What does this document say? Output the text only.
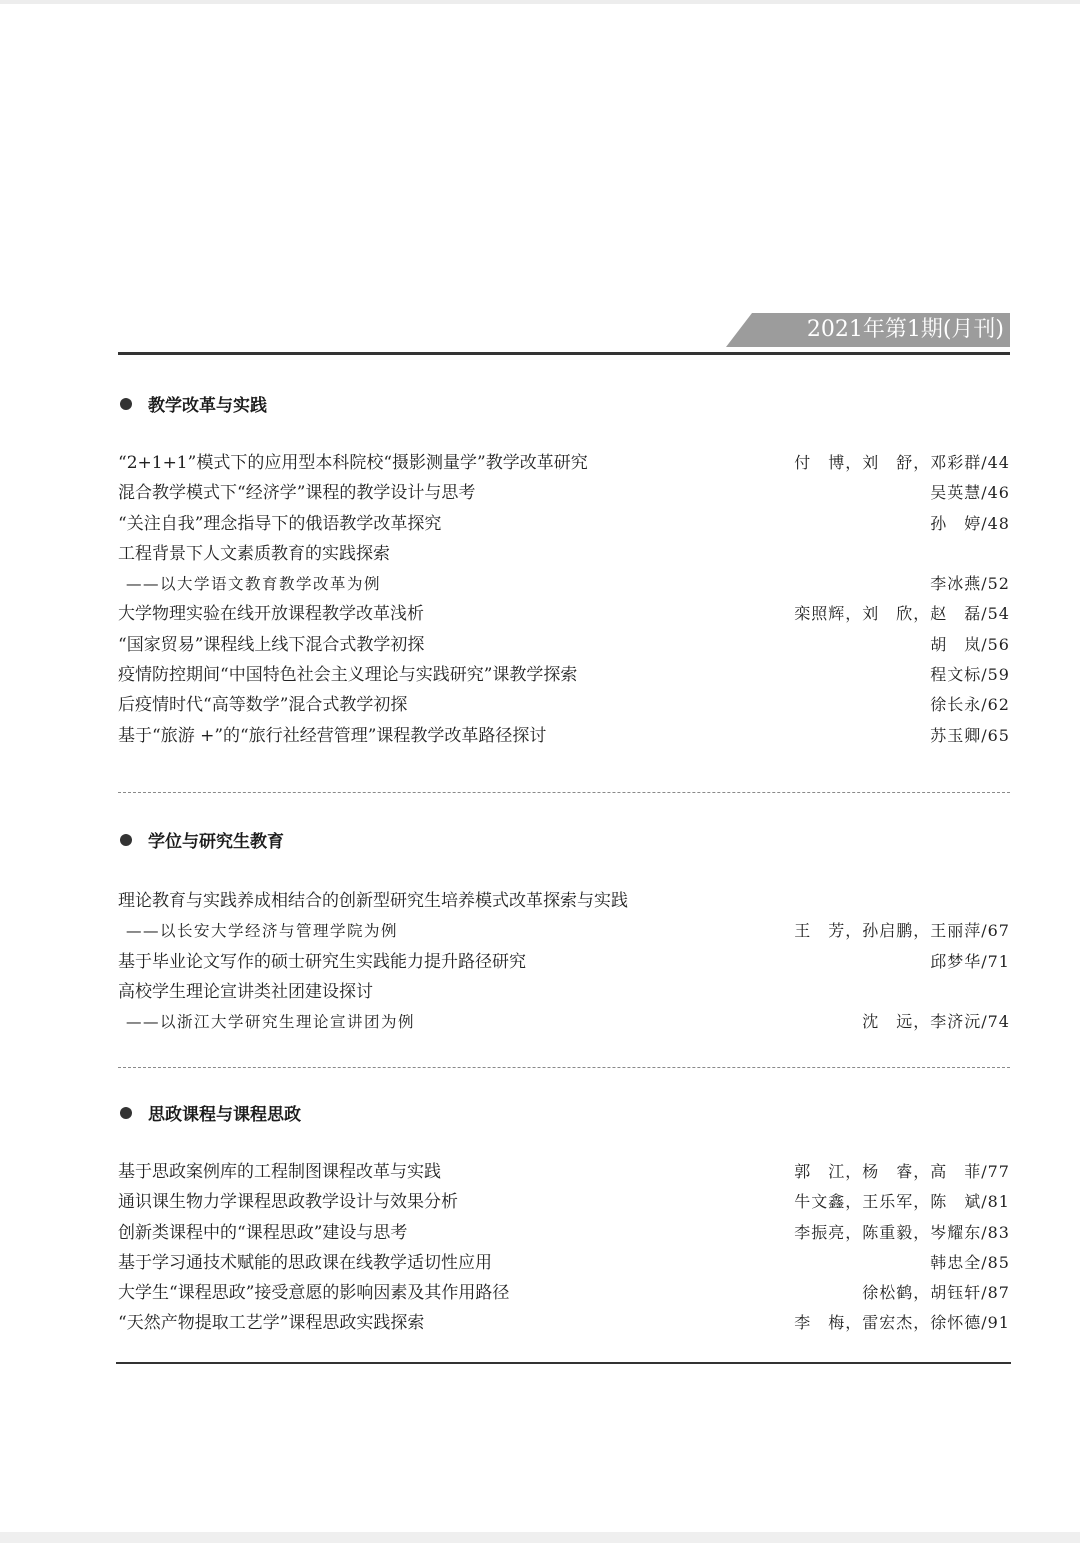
2021年第1期(月刊)
教学改革与实践
“2+1+1”模式下的应用型本科院校“摄影测量学”教学改革研究	付　博，刘　舒，邓彩群/44
混合教学模式下“经济学”课程的教学设计与思考	吴英慧/46
“关注自我”理念指导下的俄语教学改革探究	孙　婷/48
工程背景下人文素质教育的实践探索
——以大学语文教育教学改革为例	李冰燕/52
大学物理实验在线开放课程教学改革浅析	栾照辉，刘　欣，赵　磊/54
“国家贸易”课程线上线下混合式教学初探	胡　岚/56
疫情防控期间“中国特色社会主义理论与实践研究”课教学探索	程文标/59
后疫情时代“高等数学”混合式教学初探	徐长永/62
基于“旅游 +”的“旅行社经营管理”课程教学改革路径探讨	苏玉卿/65
学位与研究生教育
理论教育与实践养成相结合的创新型研究生培养模式改革探索与实践
——以长安大学经济与管理学院为例	王　芳，孙启鹏，王丽萍/67
基于毕业论文写作的硕士研究生实践能力提升路径研究	邱梦华/71
高校学生理论宣讲类社团建设探讨
——以浙江大学研究生理论宣讲团为例	沈　远，李济沅/74
思政课程与课程思政
基于思政案例库的工程制图课程改革与实践	郭　江，杨　睿，高　菲/77
通识课生物力学课程思政教学设计与效果分析	牛文鑫，王乐军，陈　斌/81
创新类课程中的“课程思政”建设与思考	李振亮，陈重毅，岑耀东/83
基于学习通技术赋能的思政课在线教学适切性应用	韩忠全/85
大学生“课程思政”接受意愿的影响因素及其作用路径	徐松鹤，胡钰轩/87
“天然产物提取工艺学”课程思政实践探索	李　梅，雷宏杰，徐怀德/91
